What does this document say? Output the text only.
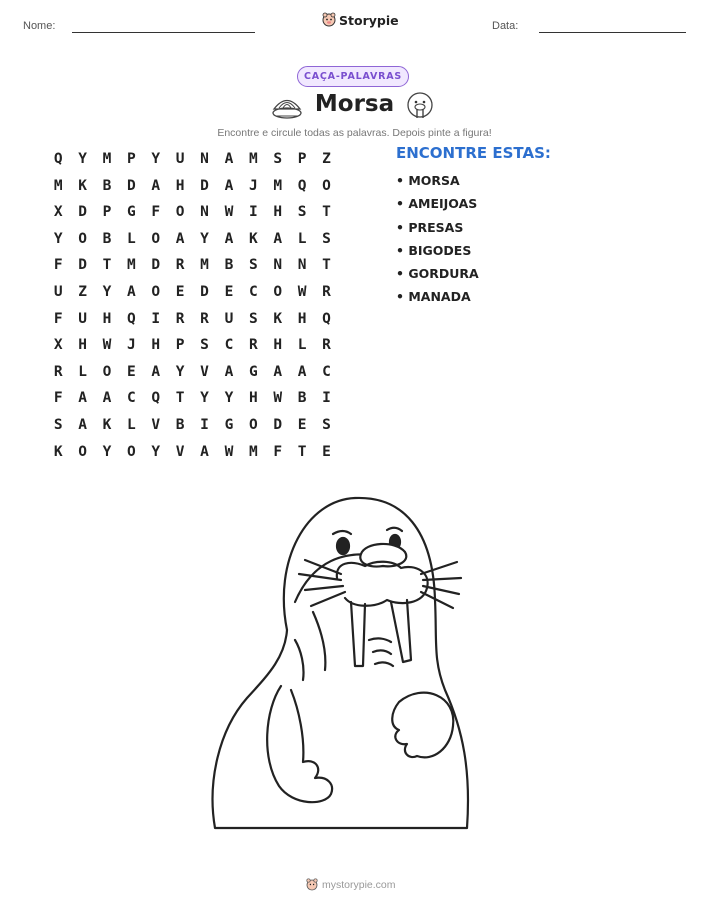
Nome:	Storypie	Data:
CAÇA-PALAVRAS
Morsa
Encontre e circule todas as palavras. Depois pinte a figura!
Q	Y	M	P	Y	U	N	A	M	S	P	Z
M	K	B	D	A	H	D	A	J	M	Q	O
X	D	P	G	F	O	N	W	I	H	S	T
Y	O	B	L	O	A	Y	A	K	A	L	S
F	D	T	M	D	R	M	B	S	N	N	T
U	Z	Y	A	O	E	D	E	C	O	W	R
F	U	H	Q	I	R	R	U	S	K	H	Q
X	H	W	J	H	P	S	C	R	H	L	R
R	L	O	E	A	Y	V	A	G	A	A	C
F	A	A	C	Q	T	Y	Y	H	W	B	I
S	A	K	L	V	B	I	G	O	D	E	S
K	O	Y	O	Y	V	A	W	M	F	T	E
ENCONTRE ESTAS:
• MORSA
• AMEIJOAS
• PRESAS
• BIGODES
• GORDURA
• MANADA
mystorypie.com
